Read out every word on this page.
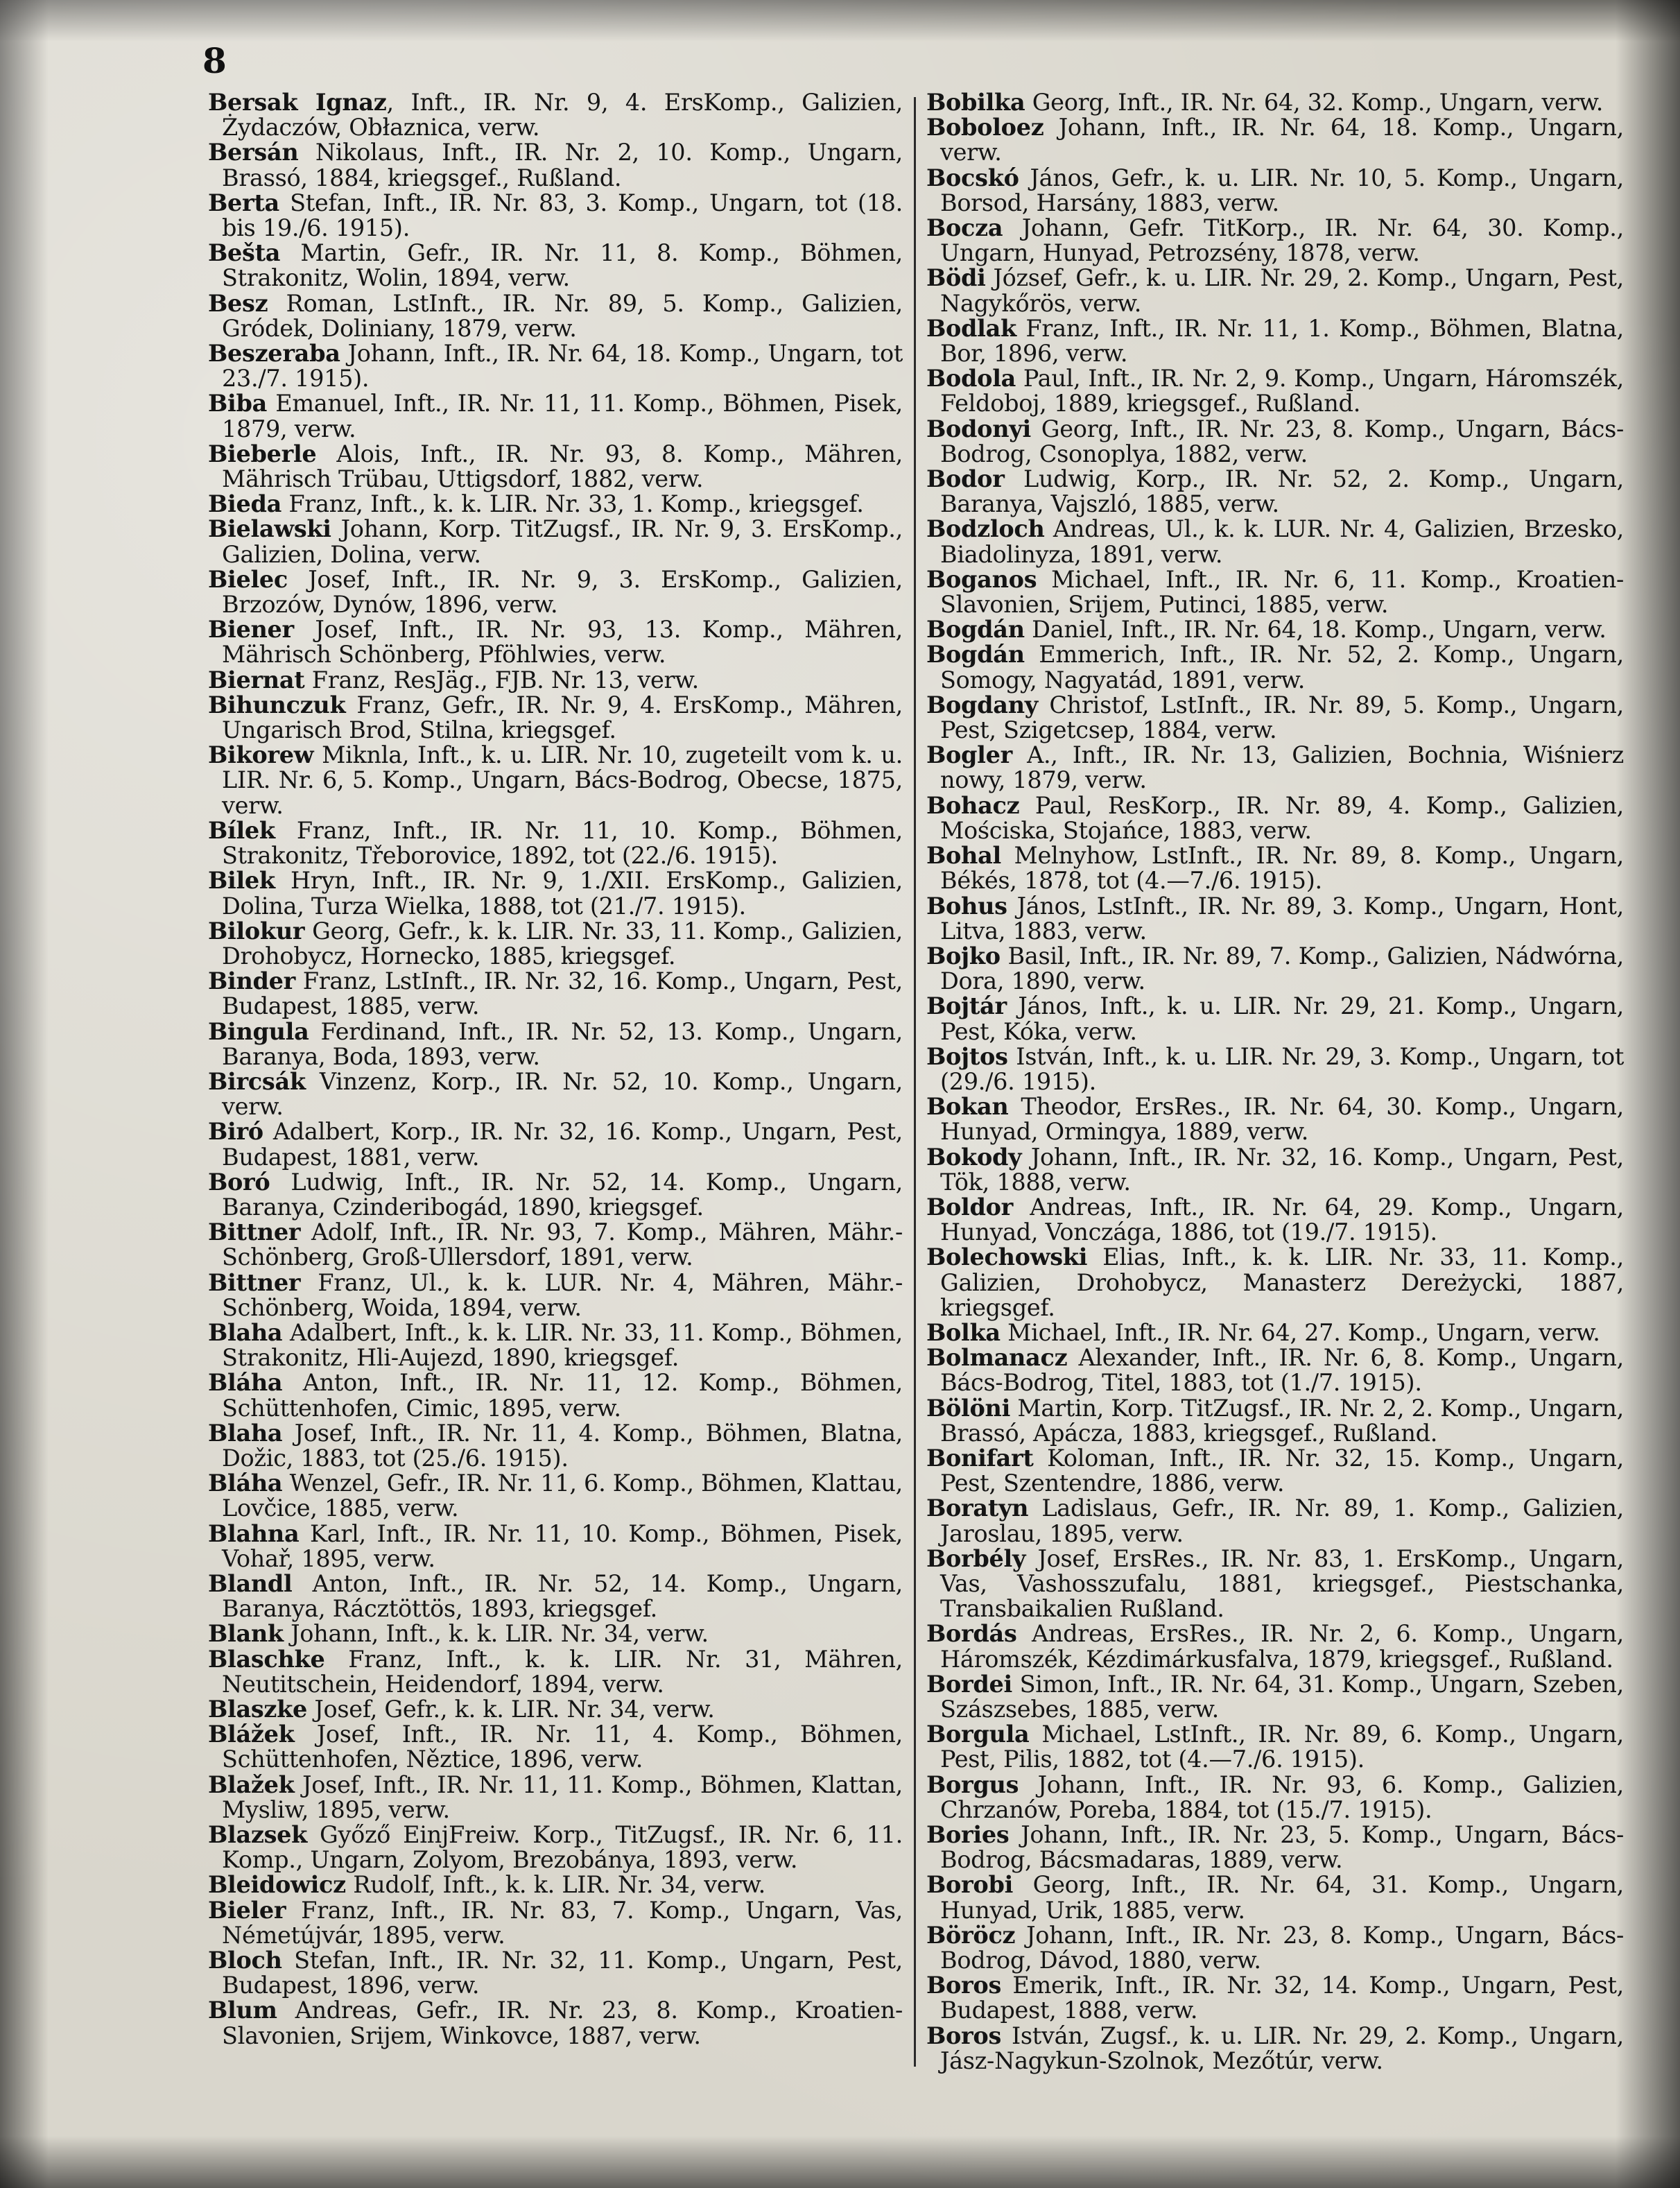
8
Bersak Ignaz, Inft., IR. Nr. 9, 4. ErsKomp., Galizien, Żydaczów, Obłaznica, verw.
Bersán Nikolaus, Inft., IR. Nr. 2, 10. Komp., Ungarn, Brassó, 1884, kriegsgef., Rußland.
Berta Stefan, Inft., IR. Nr. 83, 3. Komp., Ungarn, tot (18. bis 19./6. 1915).
Bešta Martin, Gefr., IR. Nr. 11, 8. Komp., Böhmen, Strakonitz, Wolin, 1894, verw.
Besz Roman, LstInft., IR. Nr. 89, 5. Komp., Galizien, Gródek, Doliniany, 1879, verw.
Beszeraba Johann, Inft., IR. Nr. 64, 18. Komp., Ungarn, tot 23./7. 1915).
Biba Emanuel, Inft., IR. Nr. 11, 11. Komp., Böhmen, Pisek, 1879, verw.
Bieberle Alois, Inft., IR. Nr. 93, 8. Komp., Mähren, Mährisch Trübau, Uttigsdorf, 1882, verw.
Bieda Franz, Inft., k. k. LIR. Nr. 33, 1. Komp., kriegsgef.
Bielawski Johann, Korp. TitZugsf., IR. Nr. 9, 3. ErsKomp., Galizien, Dolina, verw.
Bielec Josef, Inft., IR. Nr. 9, 3. ErsKomp., Galizien, Brzozów, Dynów, 1896, verw.
Biener Josef, Inft., IR. Nr. 93, 13. Komp., Mähren, Mährisch Schönberg, Pföhlwies, verw.
Biernat Franz, ResJäg., FJB. Nr. 13, verw.
Bihunczuk Franz, Gefr., IR. Nr. 9, 4. ErsKomp., Mähren, Ungarisch Brod, Stilna, kriegsgef.
Bikorew Miknla, Inft., k. u. LIR. Nr. 10, zugeteilt vom k. u. LIR. Nr. 6, 5. Komp., Ungarn, Bács-Bodrog, Obecse, 1875, verw.
Bílek Franz, Inft., IR. Nr. 11, 10. Komp., Böhmen, Strakonitz, Třeborovice, 1892, tot (22./6. 1915).
Bilek Hryn, Inft., IR. Nr. 9, 1./XII. ErsKomp., Galizien, Dolina, Turza Wielka, 1888, tot (21./7. 1915).
Bilokur Georg, Gefr., k. k. LIR. Nr. 33, 11. Komp., Galizien, Drohobycz, Hornecko, 1885, kriegsgef.
Binder Franz, LstInft., IR. Nr. 32, 16. Komp., Ungarn, Pest, Budapest, 1885, verw.
Bingula Ferdinand, Inft., IR. Nr. 52, 13. Komp., Ungarn, Baranya, Boda, 1893, verw.
Bircsák Vinzenz, Korp., IR. Nr. 52, 10. Komp., Ungarn, verw.
Biró Adalbert, Korp., IR. Nr. 32, 16. Komp., Ungarn, Pest, Budapest, 1881, verw.
Boró Ludwig, Inft., IR. Nr. 52, 14. Komp., Ungarn, Baranya, Czinderibogád, 1890, kriegsgef.
Bittner Adolf, Inft., IR. Nr. 93, 7. Komp., Mähren, Mähr.-Schönberg, Groß-Ullersdorf, 1891, verw.
Bittner Franz, Ul., k. k. LUR. Nr. 4, Mähren, Mähr.-Schönberg, Woida, 1894, verw.
Blaha Adalbert, Inft., k. k. LIR. Nr. 33, 11. Komp., Böhmen, Strakonitz, Hli-Aujezd, 1890, kriegsgef.
Bláha Anton, Inft., IR. Nr. 11, 12. Komp., Böhmen, Schüttenhofen, Cimic, 1895, verw.
Blaha Josef, Inft., IR. Nr. 11, 4. Komp., Böhmen, Blatna, Dožic, 1883, tot (25./6. 1915).
Bláha Wenzel, Gefr., IR. Nr. 11, 6. Komp., Böhmen, Klattau, Lovčice, 1885, verw.
Blahna Karl, Inft., IR. Nr. 11, 10. Komp., Böhmen, Pisek, Vohař, 1895, verw.
Blandl Anton, Inft., IR. Nr. 52, 14. Komp., Ungarn, Baranya, Rácztöttös, 1893, kriegsgef.
Blank Johann, Inft., k. k. LIR. Nr. 34, verw.
Blaschke Franz, Inft., k. k. LIR. Nr. 31, Mähren, Neutitschein, Heidendorf, 1894, verw.
Blaszke Josef, Gefr., k. k. LIR. Nr. 34, verw.
Blážek Josef, Inft., IR. Nr. 11, 4. Komp., Böhmen, Schüttenhofen, Něztice, 1896, verw.
Blažek Josef, Inft., IR. Nr. 11, 11. Komp., Böhmen, Klattan, Mysliw, 1895, verw.
Blazsek Győző EinjFreiw. Korp., TitZugsf., IR. Nr. 6, 11. Komp., Ungarn, Zolyom, Brezobánya, 1893, verw.
Bleidowicz Rudolf, Inft., k. k. LIR. Nr. 34, verw.
Bieler Franz, Inft., IR. Nr. 83, 7. Komp., Ungarn, Vas, Németújvár, 1895, verw.
Bloch Stefan, Inft., IR. Nr. 32, 11. Komp., Ungarn, Pest, Budapest, 1896, verw.
Blum Andreas, Gefr., IR. Nr. 23, 8. Komp., Kroatien-Slavonien, Srijem, Winkovce, 1887, verw.
Bobilka Georg, Inft., IR. Nr. 64, 32. Komp., Ungarn, verw.
Boboloez Johann, Inft., IR. Nr. 64, 18. Komp., Ungarn, verw.
Bocskó János, Gefr., k. u. LIR. Nr. 10, 5. Komp., Ungarn, Borsod, Harsány, 1883, verw.
Bocza Johann, Gefr. TitKorp., IR. Nr. 64, 30. Komp., Ungarn, Hunyad, Petrozsény, 1878, verw.
Bödi József, Gefr., k. u. LIR. Nr. 29, 2. Komp., Ungarn, Pest, Nagykőrös, verw.
Bodlak Franz, Inft., IR. Nr. 11, 1. Komp., Böhmen, Blatna, Bor, 1896, verw.
Bodola Paul, Inft., IR. Nr. 2, 9. Komp., Ungarn, Háromszék, Feldoboj, 1889, kriegsgef., Rußland.
Bodonyi Georg, Inft., IR. Nr. 23, 8. Komp., Ungarn, Bács-Bodrog, Csonoplya, 1882, verw.
Bodor Ludwig, Korp., IR. Nr. 52, 2. Komp., Ungarn, Baranya, Vajszló, 1885, verw.
Bodzloch Andreas, Ul., k. k. LUR. Nr. 4, Galizien, Brzesko, Biadolinyza, 1891, verw.
Boganos Michael, Inft., IR. Nr. 6, 11. Komp., Kroatien-Slavonien, Srijem, Putinci, 1885, verw.
Bogdán Daniel, Inft., IR. Nr. 64, 18. Komp., Ungarn, verw.
Bogdán Emmerich, Inft., IR. Nr. 52, 2. Komp., Ungarn, Somogy, Nagyatád, 1891, verw.
Bogdany Christof, LstInft., IR. Nr. 89, 5. Komp., Ungarn, Pest, Szigetcsep, 1884, verw.
Bogler A., Inft., IR. Nr. 13, Galizien, Bochnia, Wiśnierz nowy, 1879, verw.
Bohacz Paul, ResKorp., IR. Nr. 89, 4. Komp., Galizien, Mościska, Stojańce, 1883, verw.
Bohal Melnyhow, LstInft., IR. Nr. 89, 8. Komp., Ungarn, Békés, 1878, tot (4.—7./6. 1915).
Bohus János, LstInft., IR. Nr. 89, 3. Komp., Ungarn, Hont, Litva, 1883, verw.
Bojko Basil, Inft., IR. Nr. 89, 7. Komp., Galizien, Nádwórna, Dora, 1890, verw.
Bojtár János, Inft., k. u. LIR. Nr. 29, 21. Komp., Ungarn, Pest, Kóka, verw.
Bojtos István, Inft., k. u. LIR. Nr. 29, 3. Komp., Ungarn, tot (29./6. 1915).
Bokan Theodor, ErsRes., IR. Nr. 64, 30. Komp., Ungarn, Hunyad, Ormingya, 1889, verw.
Bokody Johann, Inft., IR. Nr. 32, 16. Komp., Ungarn, Pest, Tök, 1888, verw.
Boldor Andreas, Inft., IR. Nr. 64, 29. Komp., Ungarn, Hunyad, Vonczága, 1886, tot (19./7. 1915).
Bolechowski Elias, Inft., k. k. LIR. Nr. 33, 11. Komp., Galizien, Drohobycz, Manasterz Dereżycki, 1887, kriegsgef.
Bolka Michael, Inft., IR. Nr. 64, 27. Komp., Ungarn, verw.
Bolmanacz Alexander, Inft., IR. Nr. 6, 8. Komp., Ungarn, Bács-Bodrog, Titel, 1883, tot (1./7. 1915).
Bölöni Martin, Korp. TitZugsf., IR. Nr. 2, 2. Komp., Ungarn, Brassó, Apácza, 1883, kriegsgef., Rußland.
Bonifart Koloman, Inft., IR. Nr. 32, 15. Komp., Ungarn, Pest, Szentendre, 1886, verw.
Boratyn Ladislaus, Gefr., IR. Nr. 89, 1. Komp., Galizien, Jaroslau, 1895, verw.
Borbély Josef, ErsRes., IR. Nr. 83, 1. ErsKomp., Ungarn, Vas, Vashosszufalu, 1881, kriegsgef., Piestschanka, Transbaikalien Rußland.
Bordás Andreas, ErsRes., IR. Nr. 2, 6. Komp., Ungarn, Háromszék, Kézdimárkusfalva, 1879, kriegsgef., Rußland.
Bordei Simon, Inft., IR. Nr. 64, 31. Komp., Ungarn, Szeben, Szászsebes, 1885, verw.
Borgula Michael, LstInft., IR. Nr. 89, 6. Komp., Ungarn, Pest, Pilis, 1882, tot (4.—7./6. 1915).
Borgus Johann, Inft., IR. Nr. 93, 6. Komp., Galizien, Chrzanów, Poreba, 1884, tot (15./7. 1915).
Bories Johann, Inft., IR. Nr. 23, 5. Komp., Ungarn, Bács-Bodrog, Bácsmadaras, 1889, verw.
Borobi Georg, Inft., IR. Nr. 64, 31. Komp., Ungarn, Hunyad, Urik, 1885, verw.
Böröcz Johann, Inft., IR. Nr. 23, 8. Komp., Ungarn, Bács-Bodrog, Dávod, 1880, verw.
Boros Emerik, Inft., IR. Nr. 32, 14. Komp., Ungarn, Pest, Budapest, 1888, verw.
Boros István, Zugsf., k. u. LIR. Nr. 29, 2. Komp., Ungarn, Jász-Nagykun-Szolnok, Mezőtúr, verw.
